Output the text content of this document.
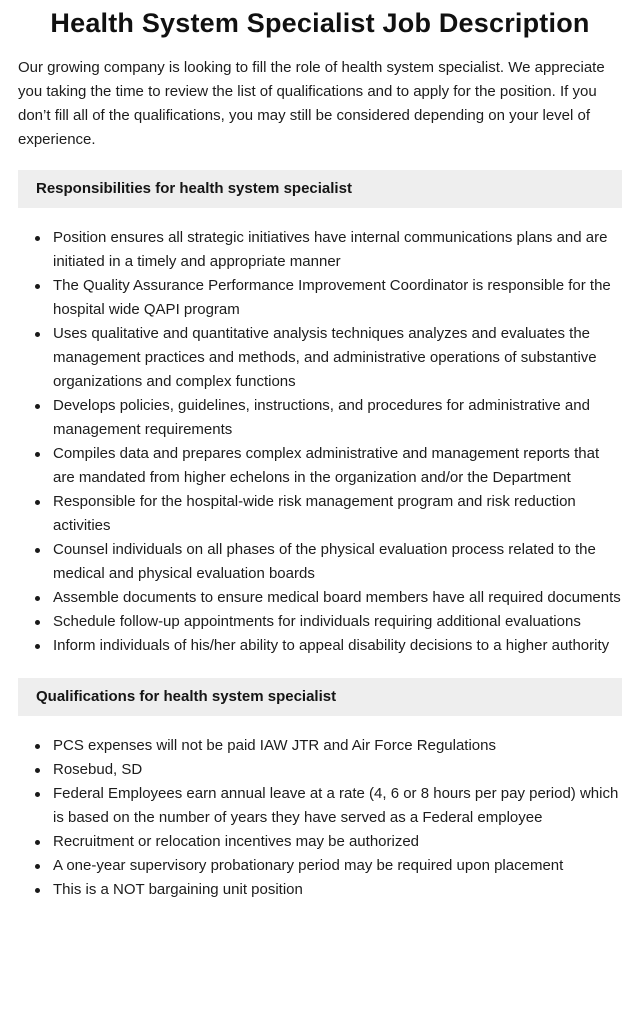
Health System Specialist Job Description

Our growing company is looking to fill the role of health system specialist. We appreciate you taking the time to review the list of qualifications and to apply for the position. If you don’t fill all of the qualifications, you may still be considered depending on your level of experience.

Responsibilities for health system specialist
Position ensures all strategic initiatives have internal communications plans and are initiated in a timely and appropriate manner
The Quality Assurance Performance Improvement Coordinator is responsible for the hospital wide QAPI program
Uses qualitative and quantitative analysis techniques analyzes and evaluates the management practices and methods, and administrative operations of substantive organizations and complex functions
Develops policies, guidelines, instructions, and procedures for administrative and management requirements
Compiles data and prepares complex administrative and management reports that are mandated from higher echelons in the organization and/or the Department
Responsible for the hospital-wide risk management program and risk reduction activities
Counsel individuals on all phases of the physical evaluation process related to the medical and physical evaluation boards
Assemble documents to ensure medical board members have all required documents
Schedule follow-up appointments for individuals requiring additional evaluations
Inform individuals of his/her ability to appeal disability decisions to a higher authority
Qualifications for health system specialist
PCS expenses will not be paid IAW JTR and Air Force Regulations
Rosebud, SD
Federal Employees earn annual leave at a rate (4, 6 or 8 hours per pay period) which is based on the number of years they have served as a Federal employee
Recruitment or relocation incentives may be authorized
A one-year supervisory probationary period may be required upon placement
This is a NOT bargaining unit position
